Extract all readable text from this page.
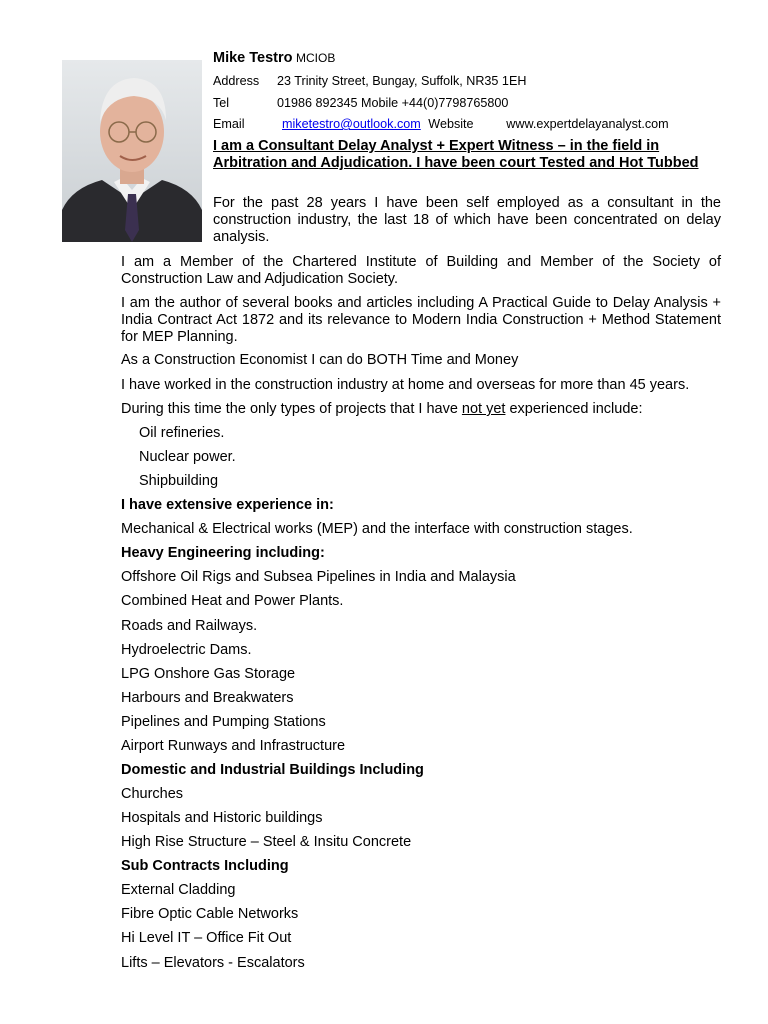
Mike Testro MCIOB
Address 23 Trinity Street, Bungay, Suffolk, NR35 1EH
Tel	01986 892345 Mobile +44(0)7798765800
Email	miketestro@outlook.com Website	www.expertdelayanalyst.com
I am a Consultant Delay Analyst + Expert Witness – in the field in Arbitration and Adjudication. I have been court Tested and Hot Tubbed
For the past 28 years I have been self employed as a consultant in the construction industry, the last 18 of which have been concentrated on delay analysis.
I am a Member of the Chartered Institute of Building and Member of the Society of Construction Law and Adjudication Society.
I am the author of several books and articles including A Practical Guide to Delay Analysis + India Contract Act 1872 and its relevance to Modern India Construction + Method Statement for MEP Planning.
As a Construction Economist I can do BOTH Time and Money
I have worked in the construction industry at home and overseas for more than 45 years.
During this time the only types of projects that I have not yet experienced include:
Oil refineries.
Nuclear power.
Shipbuilding
I have extensive experience in:
Mechanical & Electrical works (MEP) and the interface with construction stages.
Heavy Engineering including:
Offshore Oil Rigs and Subsea Pipelines in India and Malaysia
Combined Heat and Power Plants.
Roads and Railways.
Hydroelectric Dams.
LPG Onshore Gas Storage
Harbours and Breakwaters
Pipelines and Pumping Stations
Airport Runways and Infrastructure
Domestic and Industrial Buildings Including
Churches
Hospitals and Historic buildings
High Rise Structure – Steel & Insitu Concrete
Sub Contracts Including
External Cladding
Fibre Optic Cable Networks
Hi Level IT – Office Fit Out
Lifts – Elevators - Escalators
